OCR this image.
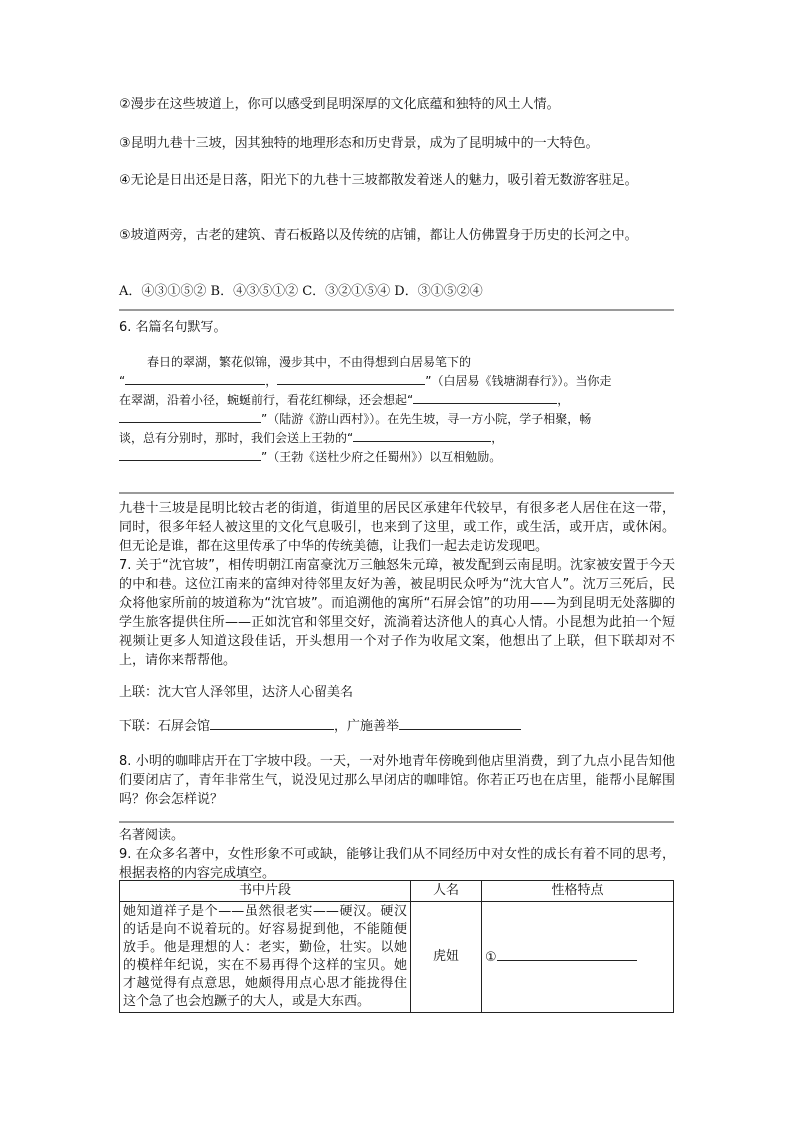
②漫步在这些坡道上，你可以感受到昆明深厚的文化底蕴和独特的风土人情。

③昆明九巷十三坡，因其独特的地理形态和历史背景，成为了昆明城中的一大特色。

④无论是日出还是日落，阳光下的九巷十三坡都散发着迷人的魅力，吸引着无数游客驻足。

⑤坡道两旁，古老的建筑、青石板路以及传统的店铺，都让人仿佛置身于历史的长河之中。

A．④③①⑤② B．④③⑤①② C．③②①⑤④ D．③①⑤②④

6. 名篇名句默写。

春日的翠湖，繁花似锦，漫步其中，不由得想到白居易笔下的
“	，	”（白居易《钱塘湖春行》）。当你走
在翠湖，沿着小径，蜿蜒前行，看花红柳绿，还会想起“	，
”（陆游《游山西村》）。在先生坡，寻一方小院，学子相聚，畅
谈，总有分别时，那时，我们会送上王勃的“	，
”（王勃《送杜少府之任蜀州》）以互相勉励。

九巷十三坡是昆明比较古老的街道，街道里的居民区承建年代较早，有很多老人居住在这一带，同时，很多年轻人被这里的文化气息吸引，也来到了这里，或工作，或生活，或开店，或休闲。但无论是谁，都在这里传承了中华的传统美德，让我们一起去走访发现吧。
7. 关于“沈官坡”，相传明朝江南富豪沈万三触怒朱元璋，被发配到云南昆明。沈家被安置于今天的中和巷。这位江南来的富绅对待邻里友好为善，被昆明民众呼为“沈大官人”。沈万三死后，民众将他家所前的坡道称为“沈官坡”。而追溯他的寓所“石屏会馆”的功用——为到昆明无处落脚的学生旅客提供住所——正如沈官和邻里交好，流淌着达济他人的真心人情。小昆想为此拍一个短视频让更多人知道这段佳话，开头想用一个对子作为收尾文案，他想出了上联，但下联却对不上，请你来帮帮他。

上联：沈大官人泽邻里，达济人心留美名

下联：石屏会馆	，广施善举

8. 小明的咖啡店开在丁字坡中段。一天，一对外地青年傍晚到他店里消费，到了九点小昆告知他们要闭店了，青年非常生气，说没见过那么早闭店的咖啡馆。你若正巧也在店里，能帮小昆解围吗？你会怎样说？

名著阅读。

9. 在众多名著中，女性形象不可或缺，能够让我们从不同经历中对女性的成长有着不同的思考，根据表格的内容完成填空。

书中片段	人名	性格特点
她知道祥子是个——虽然很老实——硬汉。硬汉的话是向不说着玩的。好容易捉到他，不能随便放手。他是理想的人：老实，勤俭，壮实。以她的模样年纪说，实在不易再得个这样的宝贝。她才越觉得有点意思，她颇得用点心思才能拢得住这个急了也会尥蹶子的大人，或是大东西。	虎妞	①
